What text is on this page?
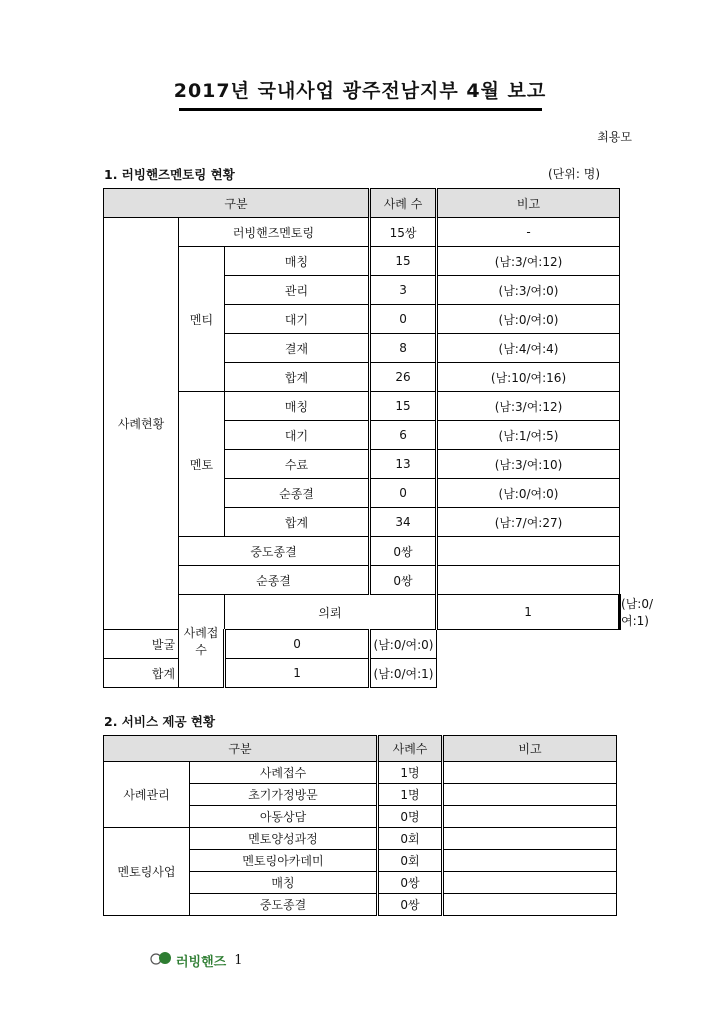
2017년 국내사업 광주전남지부 4월 보고
최용모
1. 러빙핸즈멘토링 현황	(단위: 명)
구분			사례 수	비고	
사례현황	러빙핸즈멘토링		15쌍	-	
	멘티	매칭	15	(남:3/여:12)	
		관리	3	(남:3/여:0)	
		대기	0	(남:0/여:0)	
		결재	8	(남:4/여:4)	
		합계	26	(남:10/여:16)	
	멘토	매칭	15	(남:3/여:12)	
		대기	6	(남:1/여:5)	
		수료	13	(남:3/여:10)	
		순종결	0	(남:0/여:0)	
		합계	34	(남:7/여:27)	
	중도종결		0쌍		
	순종결		0쌍		
	사례접수	의뢰		1	(남:0/여:1)
발굴		0	(남:0/여:0)		
합계		1	(남:0/여:1)		
2. 서비스 제공 현황
구분		사례수	비고
사례관리	사례접수	1명	
	초기가정방문	1명	
	아동상담	0명	
멘토링사업	멘토양성과정	0회	
	멘토링아카데미	0회	
	매칭	0쌍	
	중도종결	0쌍	
러빙핸즈 1
